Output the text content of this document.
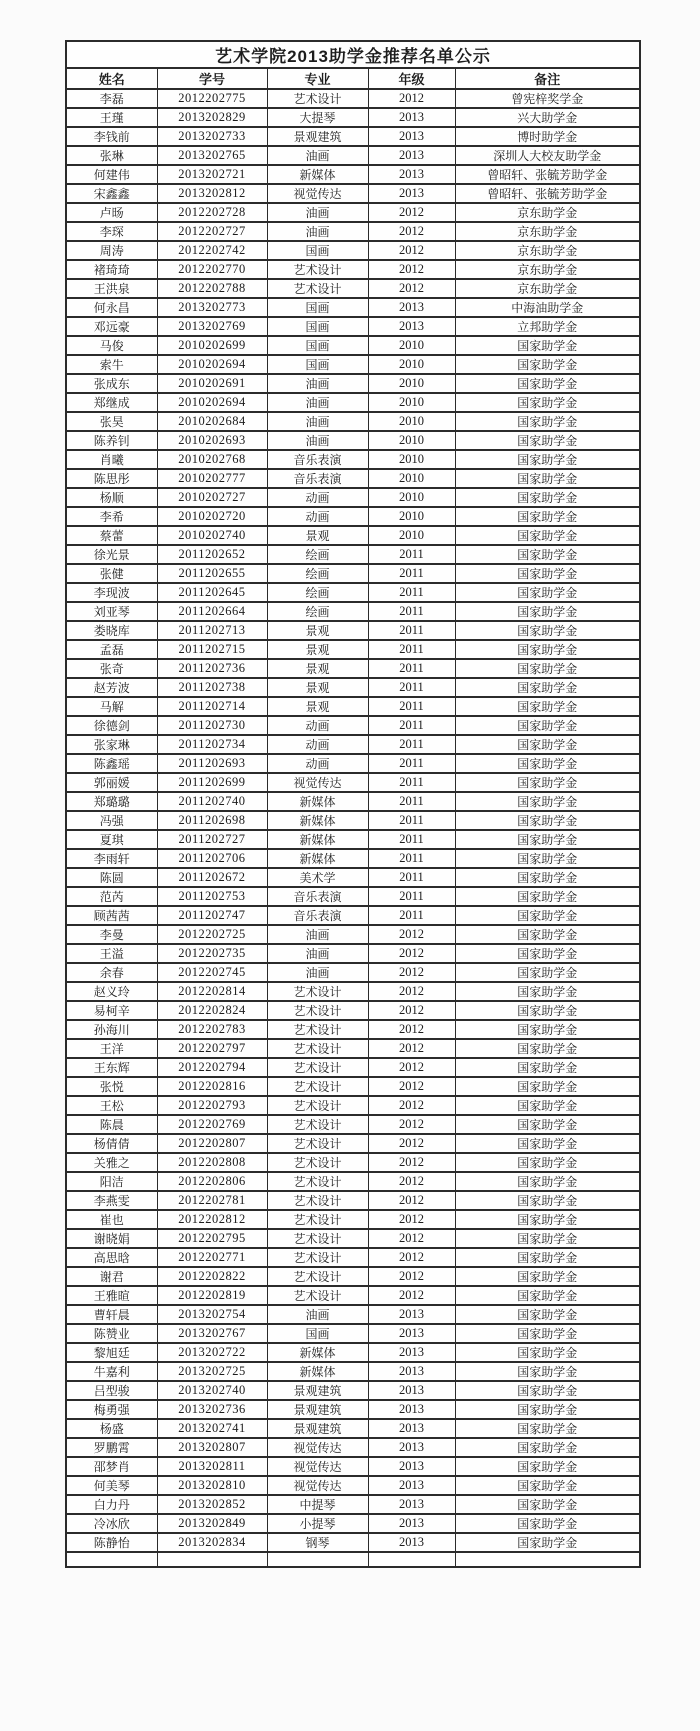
艺术学院2013助学金推荐名单公示				
姓名	学号	专业	年级	备注
李磊	2012202775	艺术设计	2012	曾宪梓奖学金
王瑾	2013202829	大提琴	2013	兴大助学金
李钱前	2013202733	景观建筑	2013	博时助学金
张琳	2013202765	油画	2013	深圳人大校友助学金
何建伟	2013202721	新媒体	2013	曾昭轩、张毓芳助学金
宋鑫鑫	2013202812	视觉传达	2013	曾昭轩、张毓芳助学金
卢旸	2012202728	油画	2012	京东助学金
李琛	2012202727	油画	2012	京东助学金
周涛	2012202742	国画	2012	京东助学金
褚琦琦	2012202770	艺术设计	2012	京东助学金
王洪泉	2012202788	艺术设计	2012	京东助学金
何永昌	2013202773	国画	2013	中海油助学金
邓远豪	2013202769	国画	2013	立邦助学金
马俊	2010202699	国画	2010	国家助学金
索牛	2010202694	国画	2010	国家助学金
张成东	2010202691	油画	2010	国家助学金
郑继成	2010202694	油画	2010	国家助学金
张昊	2010202684	油画	2010	国家助学金
陈养钊	2010202693	油画	2010	国家助学金
肖曦	2010202768	音乐表演	2010	国家助学金
陈思彤	2010202777	音乐表演	2010	国家助学金
杨顺	2010202727	动画	2010	国家助学金
李希	2010202720	动画	2010	国家助学金
蔡蕾	2010202740	景观	2010	国家助学金
徐光景	2011202652	绘画	2011	国家助学金
张健	2011202655	绘画	2011	国家助学金
李现波	2011202645	绘画	2011	国家助学金
刘亚琴	2011202664	绘画	2011	国家助学金
娄晓库	2011202713	景观	2011	国家助学金
孟磊	2011202715	景观	2011	国家助学金
张奇	2011202736	景观	2011	国家助学金
赵芳波	2011202738	景观	2011	国家助学金
马解	2011202714	景观	2011	国家助学金
徐德剑	2011202730	动画	2011	国家助学金
张家琳	2011202734	动画	2011	国家助学金
陈鑫瑶	2011202693	动画	2011	国家助学金
郭丽媛	2011202699	视觉传达	2011	国家助学金
郑璐璐	2011202740	新媒体	2011	国家助学金
冯强	2011202698	新媒体	2011	国家助学金
夏琪	2011202727	新媒体	2011	国家助学金
李雨轩	2011202706	新媒体	2011	国家助学金
陈圆	2011202672	美术学	2011	国家助学金
范芮	2011202753	音乐表演	2011	国家助学金
顾茜茜	2011202747	音乐表演	2011	国家助学金
李曼	2012202725	油画	2012	国家助学金
王溢	2012202735	油画	2012	国家助学金
余春	2012202745	油画	2012	国家助学金
赵义玲	2012202814	艺术设计	2012	国家助学金
易柯辛	2012202824	艺术设计	2012	国家助学金
孙海川	2012202783	艺术设计	2012	国家助学金
王洋	2012202797	艺术设计	2012	国家助学金
王东辉	2012202794	艺术设计	2012	国家助学金
张悦	2012202816	艺术设计	2012	国家助学金
王松	2012202793	艺术设计	2012	国家助学金
陈晨	2012202769	艺术设计	2012	国家助学金
杨倩倩	2012202807	艺术设计	2012	国家助学金
关雅之	2012202808	艺术设计	2012	国家助学金
阳洁	2012202806	艺术设计	2012	国家助学金
李燕雯	2012202781	艺术设计	2012	国家助学金
崔也	2012202812	艺术设计	2012	国家助学金
谢晓娟	2012202795	艺术设计	2012	国家助学金
高思晗	2012202771	艺术设计	2012	国家助学金
谢君	2012202822	艺术设计	2012	国家助学金
王雅暄	2012202819	艺术设计	2012	国家助学金
曹轩晨	2013202754	油画	2013	国家助学金
陈赞业	2013202767	国画	2013	国家助学金
黎旭廷	2013202722	新媒体	2013	国家助学金
牛嘉利	2013202725	新媒体	2013	国家助学金
吕型骏	2013202740	景观建筑	2013	国家助学金
梅勇强	2013202736	景观建筑	2013	国家助学金
杨盛	2013202741	景观建筑	2013	国家助学金
罗鹏霄	2013202807	视觉传达	2013	国家助学金
邵梦肖	2013202811	视觉传达	2013	国家助学金
何美琴	2013202810	视觉传达	2013	国家助学金
白力丹	2013202852	中提琴	2013	国家助学金
冷冰欣	2013202849	小提琴	2013	国家助学金
陈静怡	2013202834	钢琴	2013	国家助学金
